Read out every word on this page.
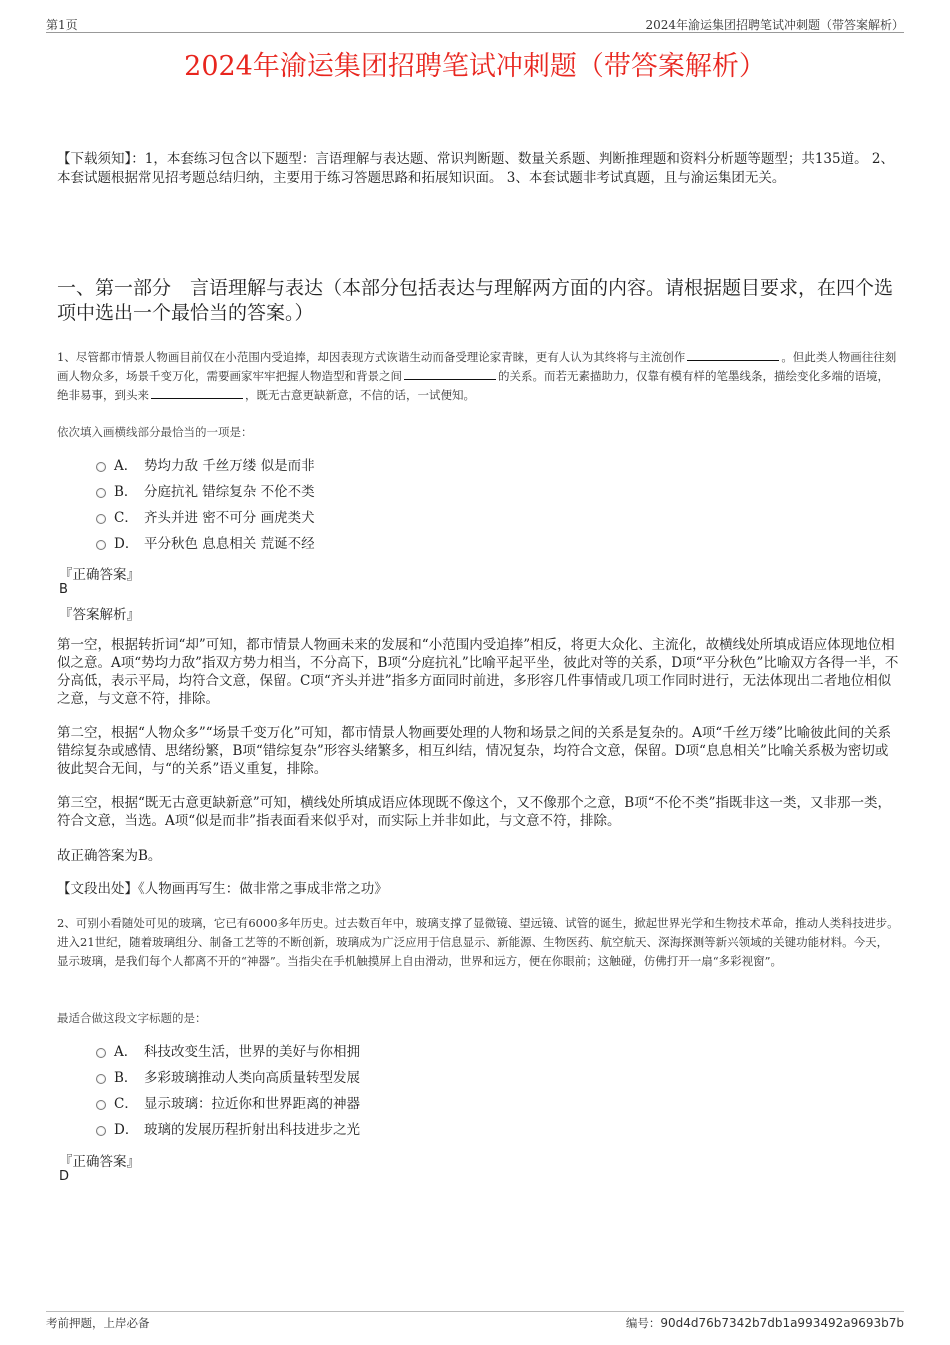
第1页	2024年渝运集团招聘笔试冲刺题（带答案解析）
2024年渝运集团招聘笔试冲刺题（带答案解析）
【下载须知】：1，本套练习包含以下题型：言语理解与表达题、常识判断题、数量关系题、判断推理题和资料分析题等题型；共135道。 2、本套试题根据常见招考题总结归纳，主要用于练习答题思路和拓展知识面。 3、本套试题非考试真题，且与渝运集团无关。
一、第一部分　言语理解与表达（本部分包括表达与理解两方面的内容。请根据题目要求，在四个选项中选出一个最恰当的答案。）
1、尽管都市情景人物画目前仅在小范围内受追捧，却因表现方式诙谐生动而备受理论家青睐，更有人认为其终将与主流创作	。但此类人物画往往刻画人物众多，场景千变万化，需要画家牢牢把握人物造型和背景之间	的关系。而若无素描助力，仅靠有模有样的笔墨线条，描绘变化多端的语境，绝非易事，到头来	，既无古意更缺新意，不信的话，一试便知。
依次填入画横线部分最恰当的一项是：
A． 势均力敌 千丝万缕 似是而非
B． 分庭抗礼 错综复杂 不伦不类
C． 齐头并进 密不可分 画虎类犬
D． 平分秋色 息息相关 荒诞不经
『正确答案』
B
『答案解析』
第一空，根据转折词“却”可知，都市情景人物画未来的发展和“小范围内受追捧”相反，将更大众化、主流化，故横线处所填成语应体现地位相似之意。A项“势均力敌”指双方势力相当，不分高下，B项“分庭抗礼”比喻平起平坐，彼此对等的关系，D项“平分秋色”比喻双方各得一半，不分高低，表示平局，均符合文意，保留。C项“齐头并进”指多方面同时前进，多形容几件事情或几项工作同时进行，无法体现出二者地位相似之意，与文意不符，排除。
第二空，根据“人物众多”“场景千变万化”可知，都市情景人物画要处理的人物和场景之间的关系是复杂的。A项“千丝万缕”比喻彼此间的关系错综复杂或感情、思绪纷繁，B项“错综复杂”形容头绪繁多，相互纠结，情况复杂，均符合文意，保留。D项“息息相关”比喻关系极为密切或彼此契合无间，与“的关系”语义重复，排除。
第三空，根据“既无古意更缺新意”可知，横线处所填成语应体现既不像这个，又不像那个之意，B项“不伦不类”指既非这一类，又非那一类，符合文意，当选。A项“似是而非”指表面看来似乎对，而实际上并非如此，与文意不符，排除。
故正确答案为B。
【文段出处】《人物画再写生：做非常之事成非常之功》
2、可别小看随处可见的玻璃，它已有6000多年历史。过去数百年中，玻璃支撑了显微镜、望远镜、试管的诞生，掀起世界光学和生物技术革命，推动人类科技进步。进入21世纪，随着玻璃组分、制备工艺等的不断创新，玻璃成为广泛应用于信息显示、新能源、生物医药、航空航天、深海探测等新兴领域的关键功能材料。今天，显示玻璃，是我们每个人都离不开的“神器”。当指尖在手机触摸屏上自由滑动，世界和远方，便在你眼前；这触碰，仿佛打开一扇“多彩视窗”。
最适合做这段文字标题的是：
A． 科技改变生活，世界的美好与你相拥
B． 多彩玻璃推动人类向高质量转型发展
C． 显示玻璃：拉近你和世界距离的神器
D． 玻璃的发展历程折射出科技进步之光
『正确答案』
D
考前押题，上岸必备	编号：90d4d76b7342b7db1a993492a9693b7b
